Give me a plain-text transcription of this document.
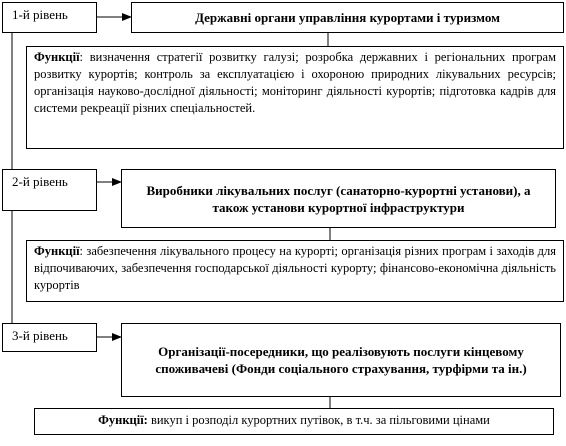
1-й рівень	Державні органи управління курортами і туризмом
Функції: визначення стратегії розвитку галузі; розробка державних і регіональних програм розвитку курортів; контроль за експлуатацією і охороною природних лікувальних ресурсів; організація науково-дослідної діяльності; моніторинг діяльності курортів; підготовка кадрів для системи рекреації різних спеціальностей.
2-й рівень
Виробники лікувальних послуг (санаторно-курортні установи), а також установи курортної інфраструктури
Функції: забезпечення лікувального процесу на курорті; організація різних програм і заходів для відпочиваючих, забезпечення господарської діяльності курорту; фінансово-економічна діяльність курортів
3-й рівень
Організації-посередники, що реалізовують послуги кінцевому споживачеві (Фонди соціального страхування, турфірми та ін.)
Функції: викуп і розподіл курортних путівок, в т.ч. за пільговими цінами
